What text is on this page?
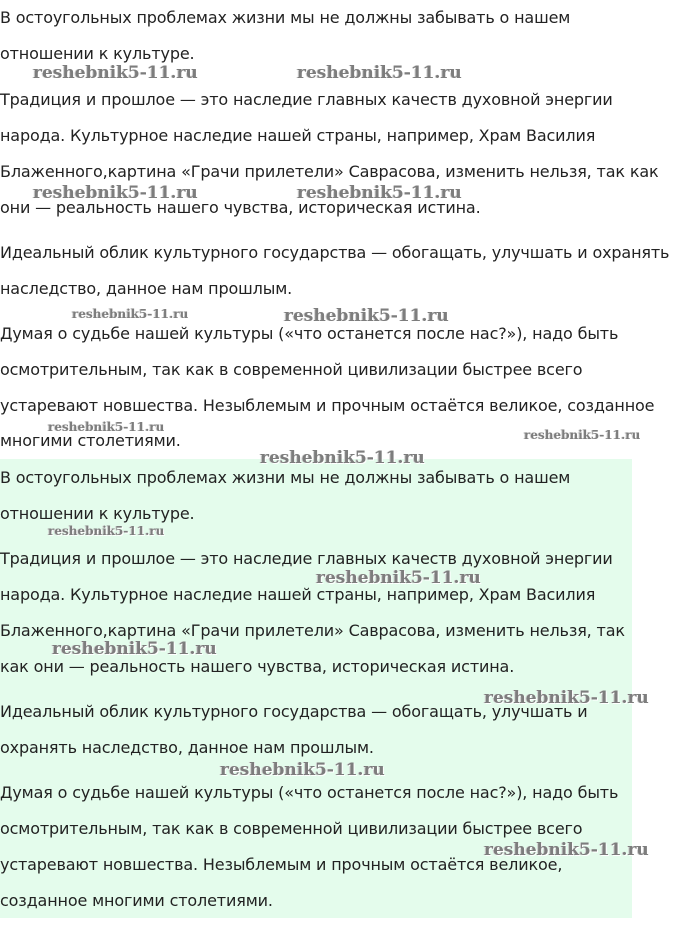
В остоугольных проблемах жизни мы не должны забывать о нашем
отношении к культуре.
Традиция и прошлое — это наследие главных качеств духовной энергии
народа. Культурное наследие нашей страны, например, Храм Василия
Блаженного,картина «Грачи прилетели» Саврасова, изменить нельзя, так как
они — реальность нашего чувства, историческая истина.
Идеальный облик культурного государства — обогащать, улучшать и охранять
наследство, данное нам прошлым.
Думая о судьбе нашей культуры («что останется после нас?»), надо быть
осмотрительным, так как в современной цивилизации быстрее всего
устаревают новшества. Незыблемым и прочным остаётся великое, созданное
многими столетиями.
В остоугольных проблемах жизни мы не должны забывать о нашем
отношении к культуре.
Традиция и прошлое — это наследие главных качеств духовной энергии
народа. Культурное наследие нашей страны, например, Храм Василия
Блаженного,картина «Грачи прилетели» Саврасова, изменить нельзя, так
как они — реальность нашего чувства, историческая истина.
Идеальный облик культурного государства — обогащать, улучшать и
охранять наследство, данное нам прошлым.
Думая о судьбе нашей культуры («что останется после нас?»), надо быть
осмотрительным, так как в современной цивилизации быстрее всего
устаревают новшества. Незыблемым и прочным остаётся великое,
созданное многими столетиями.
reshebnik5-11.ru	reshebnik5-11.ru
reshebnik5-11.ru	reshebnik5-11.ru
reshebnik5-11.ru	reshebnik5-11.ru
reshebnik5-11.ru
reshebnik5-11.ru
reshebnik5-11.ru
reshebnik5-11.ru
reshebnik5-11.ru
reshebnik5-11.ru
reshebnik5-11.ru
reshebnik5-11.ru
reshebnik5-11.ru
